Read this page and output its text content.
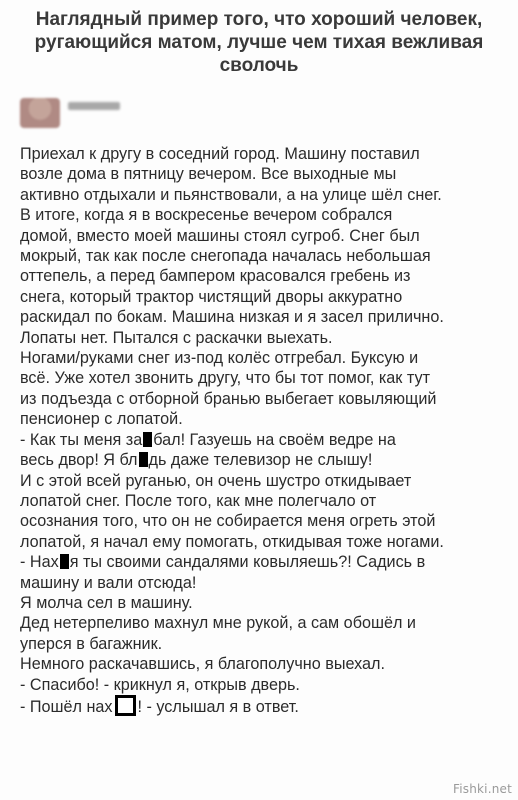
Наглядный пример того, что хороший человек, ругающийся матом, лучше чем тихая вежливая сволочь

Приехал к другу в соседний город. Машину поставил

возле дома в пятницу вечером. Все выходные мы

активно отдыхали и пьянствовали, а на улице шёл снег.

В итоге, когда я в воскресенье вечером собрался

домой, вместо моей машины стоял сугроб. Снег был

мокрый, так как после снегопада началась небольшая

оттепель, а перед бампером красовался гребень из

снега, который трактор чистящий дворы аккуратно

раскидал по бокам. Машина низкая и я засел прилично.

Лопаты нет. Пытался с раскачки выехать.

Ногами/руками снег из-под колёс отгребал. Буксую и

всё. Уже хотел звонить другу, что бы тот помог, как тут

из подъезда с отборной бранью выбегает ковыляющий

пенсионер с лопатой.

- Как ты меня за бал! Газуешь на своём ведре на

весь двор! Я бл дь даже телевизор не слышу!

И с этой всей руганью, он очень шустро откидывает

лопатой снег. После того, как мне полегчало от

осознания того, что он не собирается меня огреть этой

лопатой, я начал ему помогать, откидывая тоже ногами.

- Нах я ты своими сандалями ковыляешь?! Садись в

машину и вали отсюда!

Я молча сел в машину.

Дед нетерпеливо махнул мне рукой, а сам обошёл и

уперся в багажник.

Немного раскачавшись, я благополучно выехал.

- Спасибо! - крикнул я, открыв дверь.

- Пошёл нах ! - услышал я в ответ.

Fishki.net
